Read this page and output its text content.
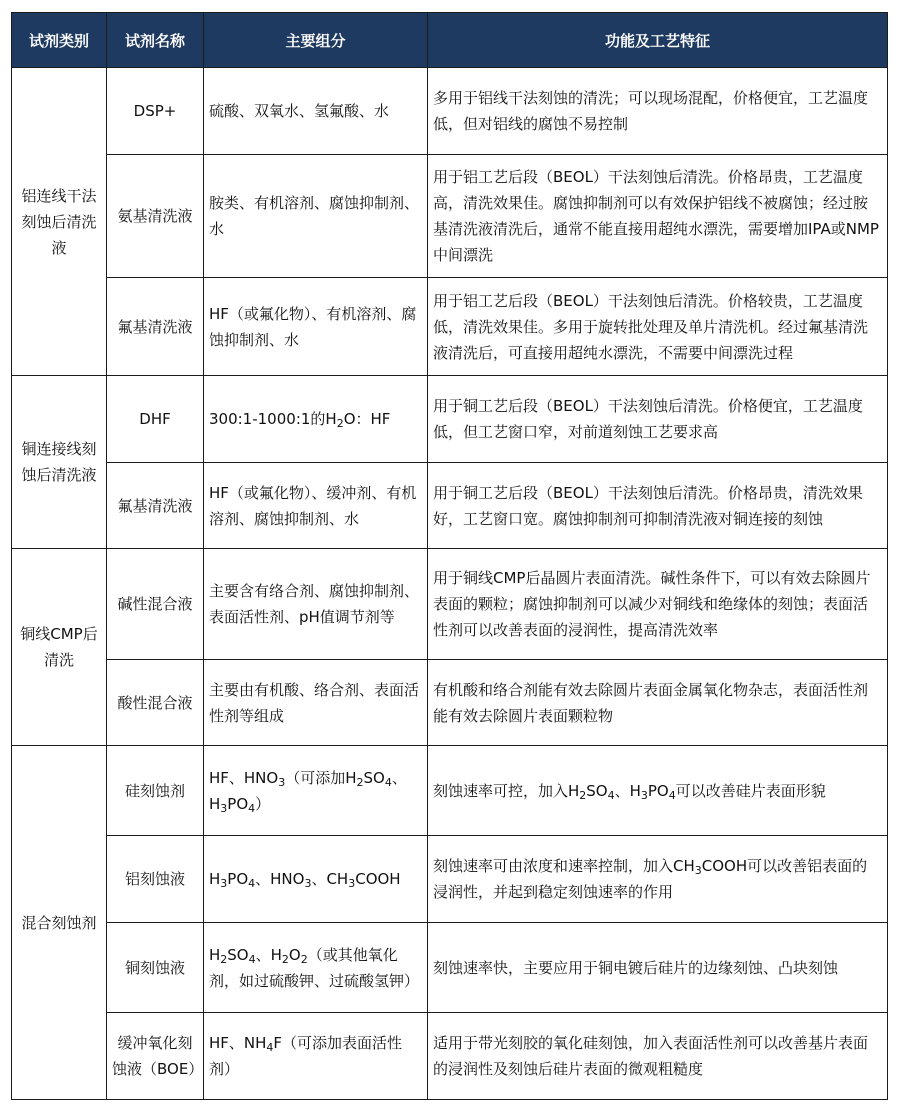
试剂类别	试剂名称	主要组分	功能及工艺特征
铝连线干法刻蚀后清洗液	DSP+	硫酸、双氧水、氢氟酸、水	多用于铝线干法刻蚀的清洗；可以现场混配，价格便宜，工艺温度低，但对铝线的腐蚀不易控制
	氨基清洗液	胺类、有机溶剂、腐蚀抑制剂、水	用于铝工艺后段（BEOL）干法刻蚀后清洗。价格昂贵，工艺温度高，清洗效果佳。腐蚀抑制剂可以有效保护铝线不被腐蚀；经过胺基清洗液清洗后，通常不能直接用超纯水漂洗，需要增加IPA或NMP中间漂洗
	氟基清洗液	HF（或氟化物）、有机溶剂、腐蚀抑制剂、水	用于铝工艺后段（BEOL）干法刻蚀后清洗。价格较贵，工艺温度低，清洗效果佳。多用于旋转批处理及单片清洗机。经过氟基清洗液清洗后，可直接用超纯水漂洗，不需要中间漂洗过程
铜连接线刻蚀后清洗液	DHF	300:1-1000:1的$H_2O$：HF	用于铜工艺后段（BEOL）干法刻蚀后清洗。价格便宜，工艺温度低，但工艺窗口窄，对前道刻蚀工艺要求高
	氟基清洗液	HF（或氟化物）、缓冲剂、有机溶剂、腐蚀抑制剂、水	用于铜工艺后段（BEOL）干法刻蚀后清洗。价格昂贵，清洗效果好，工艺窗口宽。腐蚀抑制剂可抑制清洗液对铜连接的刻蚀
铜线CMP后清洗	碱性混合液	主要含有络合剂、腐蚀抑制剂、表面活性剂、pH值调节剂等	用于铜线CMP后晶圆片表面清洗。碱性条件下，可以有效去除圆片表面的颗粒；腐蚀抑制剂可以减少对铜线和绝缘体的刻蚀；表面活性剂可以改善表面的浸润性，提高清洗效率
	酸性混合液	主要由有机酸、络合剂、表面活性剂等组成	有机酸和络合剂能有效去除圆片表面金属氧化物杂志，表面活性剂能有效去除圆片表面颗粒物
混合刻蚀剂	硅刻蚀剂	HF、$HNO_3$（可添加$H_2SO_4$、$H_3PO_4$）	刻蚀速率可控，加入$H_2SO_4$、$H_3PO_4$可以改善硅片表面形貌
	铝刻蚀液	$H_3PO_4$、$HNO_3$、$CH_3COOH$	刻蚀速率可由浓度和速率控制，加入$CH_3COOH$可以改善铝表面的浸润性，并起到稳定刻蚀速率的作用
	铜刻蚀液	$H_2SO_4$、$H_2O_2$（或其他氧化剂，如过硫酸钾、过硫酸氢钾）	刻蚀速率快，主要应用于铜电镀后硅片的边缘刻蚀、凸块刻蚀
	缓冲氧化刻蚀液（BOE）	HF、$NH_4F$（可添加表面活性剂）	适用于带光刻胶的氧化硅刻蚀，加入表面活性剂可以改善基片表面的浸润性及刻蚀后硅片表面的微观粗糙度
